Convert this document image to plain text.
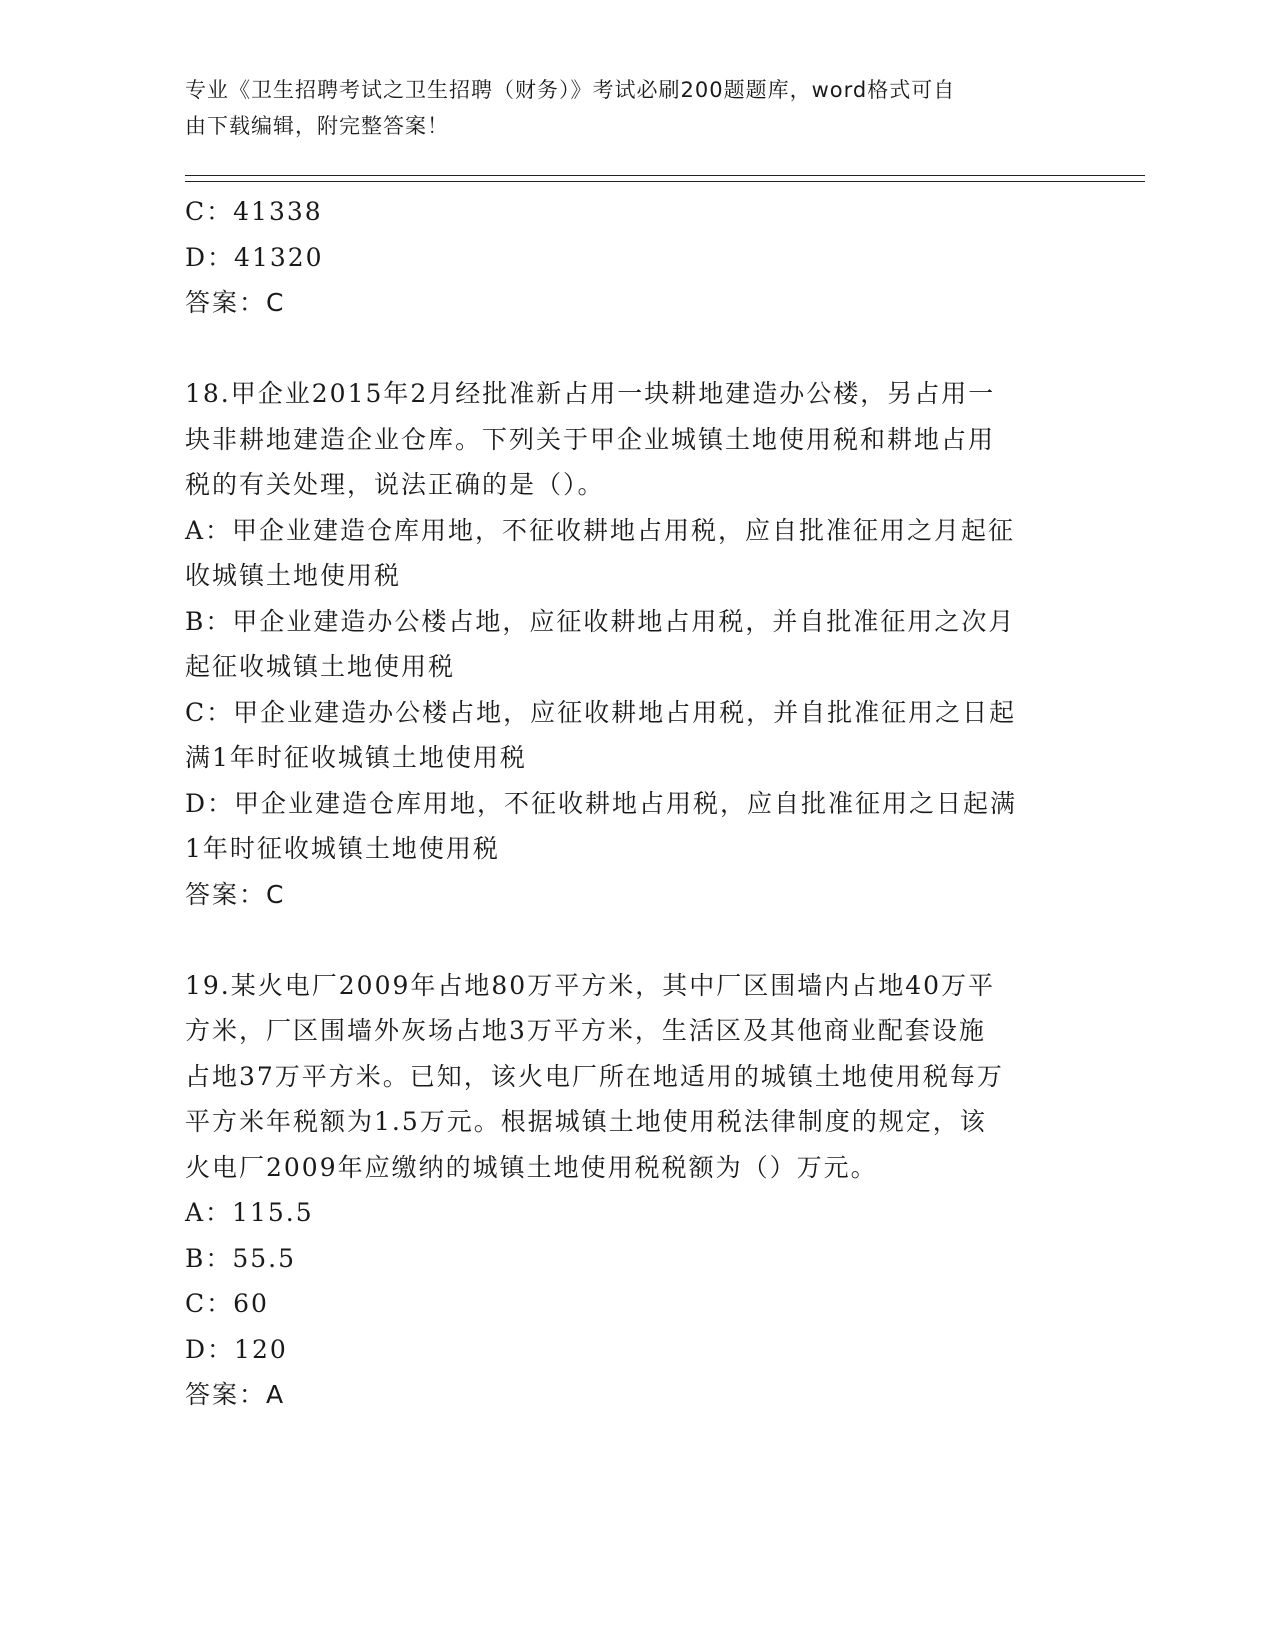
专业《卫生招聘考试之卫生招聘（财务）》考试必刷200题题库，word格式可自
由下载编辑，附完整答案！
C：41338
D：41320
答案：C
18.甲企业2015年2月经批准新占用一块耕地建造办公楼，另占用一
块非耕地建造企业仓库。下列关于甲企业城镇土地使用税和耕地占用
税的有关处理，说法正确的是（）。
A：甲企业建造仓库用地，不征收耕地占用税，应自批准征用之月起征
收城镇土地使用税
B：甲企业建造办公楼占地，应征收耕地占用税，并自批准征用之次月
起征收城镇土地使用税
C：甲企业建造办公楼占地，应征收耕地占用税，并自批准征用之日起
满1年时征收城镇土地使用税
D：甲企业建造仓库用地，不征收耕地占用税，应自批准征用之日起满
1年时征收城镇土地使用税
答案：C
19.某火电厂2009年占地80万平方米，其中厂区围墙内占地40万平
方米，厂区围墙外灰场占地3万平方米，生活区及其他商业配套设施
占地37万平方米。已知，该火电厂所在地适用的城镇土地使用税每万
平方米年税额为1.5万元。根据城镇土地使用税法律制度的规定，该
火电厂2009年应缴纳的城镇土地使用税税额为（）万元。
A：115.5
B：55.5
C：60
D：120
答案：A
